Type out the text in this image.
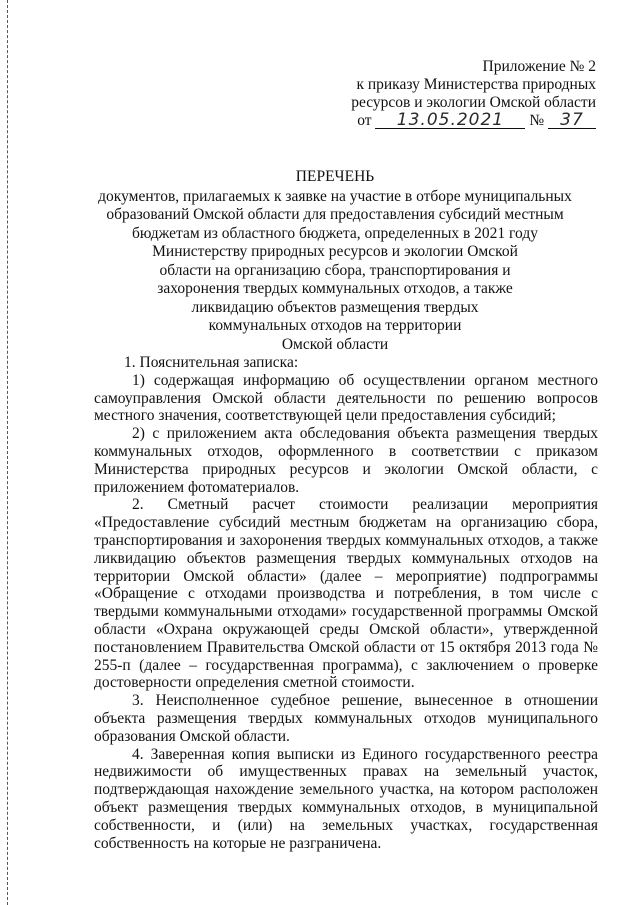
Приложение № 2
к приказу Министерства природных
ресурсов и экологии Омской области
от 13.05.2021 № 37
ПЕРЕЧЕНЬ
документов, прилагаемых к заявке на участие в отборе муниципальных
образований Омской области для предоставления субсидий местным
бюджетам из областного бюджета, определенных в 2021 году
Министерству природных ресурсов и экологии Омской
области на организацию сбора, транспортирования и
захоронения твердых коммунальных отходов, а также
ликвидацию объектов размещения твердых
коммунальных отходов на территории
Омской области

1. Пояснительная записка:

1) содержащая информацию об осуществлении органом местного самоуправления Омской области деятельности по решению вопросов местного значения, соответствующей цели предоставления субсидий;

2) с приложением акта обследования объекта размещения твердых коммунальных отходов, оформленного в соответствии с приказом Министерства природных ресурсов и экологии Омской области, с приложением фотоматериалов.

2. Сметный расчет стоимости реализации мероприятия «Предоставление субсидий местным бюджетам на организацию сбора, транспортирования и захоронения твердых коммунальных отходов, а также ликвидацию объектов размещения твердых коммунальных отходов на территории Омской области» (далее – мероприятие) подпрограммы «Обращение с отходами производства и потребления, в том числе с твердыми коммунальными отходами» государственной программы Омской области «Охрана окружающей среды Омской области», утвержденной постановлением Правительства Омской области от 15 октября 2013 года № 255-п (далее – государственная программа), с заключением о проверке достоверности определения сметной стоимости.

3. Неисполненное судебное решение, вынесенное в отношении объекта размещения твердых коммунальных отходов муниципального образования Омской области.

4. Заверенная копия выписки из Единого государственного реестра недвижимости об имущественных правах на земельный участок, подтверждающая нахождение земельного участка, на котором расположен объект размещения твердых коммунальных отходов, в муниципальной собственности, и (или) на земельных участках, государственная собственность на которые не разграничена.
